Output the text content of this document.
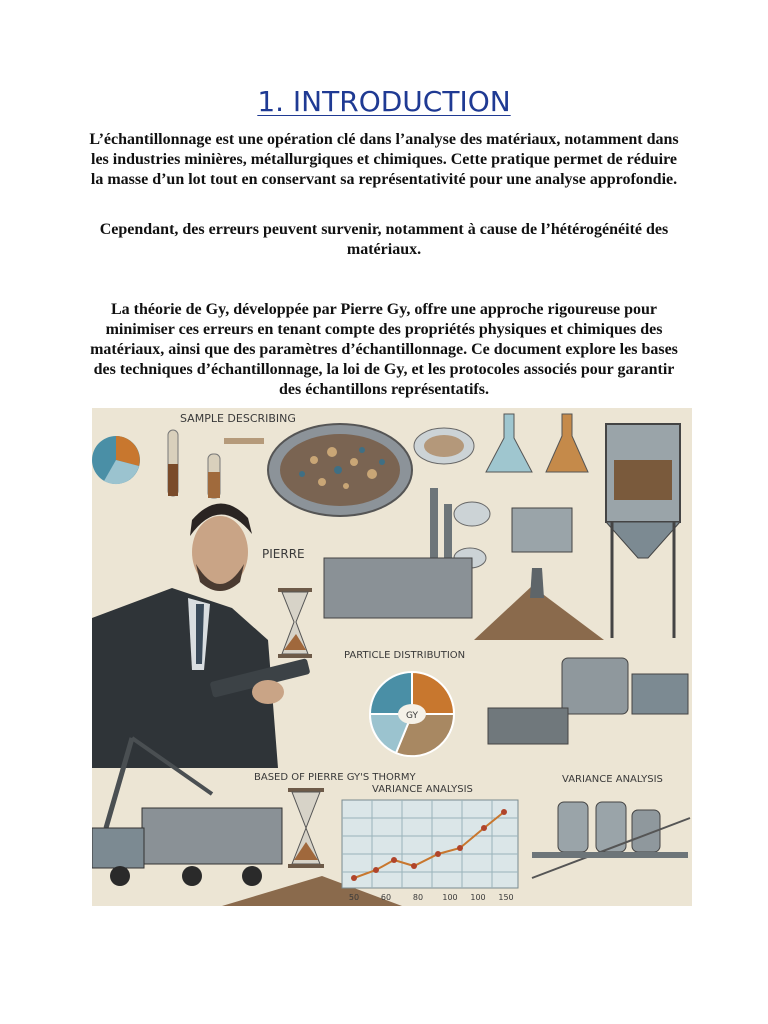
1. INTRODUCTION

L’échantillonnage est une opération clé dans l’analyse des matériaux, notamment dans les industries minières, métallurgiques et chimiques. Cette pratique permet de réduire la masse d’un lot tout en conservant sa représentativité pour une analyse approfondie.

Cependant, des erreurs peuvent survenir, notamment à cause de l’hétérogénéité des matériaux.

La théorie de Gy, développée par Pierre Gy, offre une approche rigoureuse pour minimiser ces erreurs en tenant compte des propriétés physiques et chimiques des matériaux, ainsi que des paramètres d’échantillonnage. Ce document explore les bases des techniques d’échantillonnage, la loi de Gy, et les protocoles associés pour garantir des échantillons représentatifs.

SAMPLE DESCRIBING
PIERRE
PARTICLE DISTRIBUTION
GY
BASED OF PIERRE GY'S THORMY
VARIANCE ANALYSIS
50	60	80 100 100 150
VARIANCE ANALYSIS
